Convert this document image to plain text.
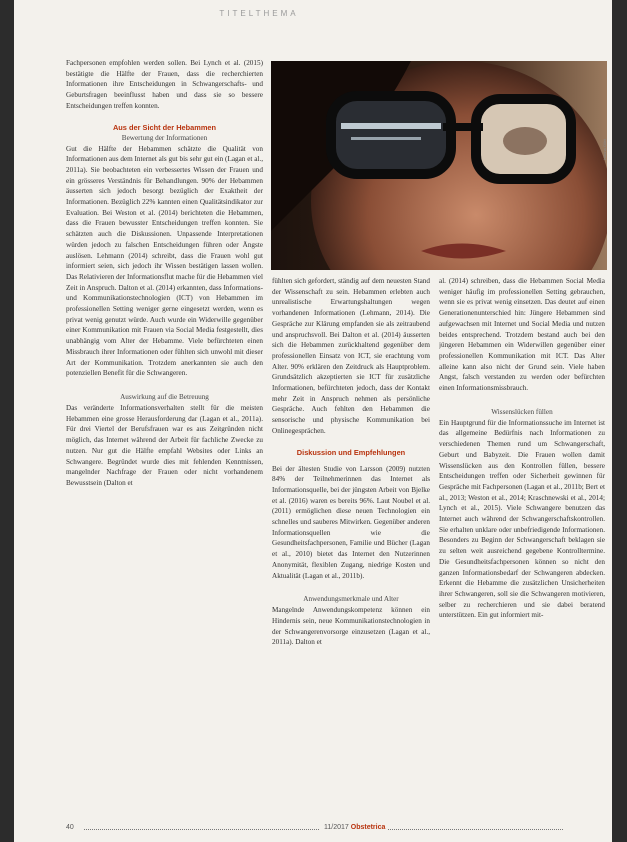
TITELTHEMA
Hanna Ollet

Fachpersonen empfohlen werden sollen. Bei Lynch et al. (2015) bestätigte die Hälfte der Frauen, dass die recherchierten Informationen ihre Entscheidungen in Schwangerschafts- und Geburtsfragen beeinflusst haben und dass sie so bessere Entscheidungen treffen konnten.

Aus der Sicht der Hebammen

Bewertung der Informationen

Gut die Hälfte der Hebammen schätzte die Qualität von Informationen aus dem Internet als gut bis sehr gut ein (Lagan et al., 2011a). Sie beobachteten ein verbessertes Wissen der Frauen und ein grösseres Verständnis für Behandlungen. 90% der Hebammen äusserten sich jedoch besorgt bezüglich der Exaktheit der Informationen. Bezüglich 22% kannten einen Qualitätsindikator zur Evaluation. Bei Weston et al. (2014) berichteten die Hebammen, dass die Frauen bewusster Entscheidungen treffen konnten. Sie schätzten auch die Diskussionen. Unpassende Interpretationen würden jedoch zu falschen Entscheidungen führen oder Ängste auslösen. Lehmann (2014) schreibt, dass die Frauen wohl gut informiert seien, sich jedoch ihr Wissen bestätigen lassen wollen. Das Relativieren der Informationsflut mache für die Hebammen viel Zeit in Anspruch. Dalton et al. (2014) erkannten, dass Informations- und Kommunikationstechnologien (ICT) von Hebammen im professionellen Setting weniger gerne eingesetzt werden, wenn es privat wenig genutzt würde. Auch wurde ein Widerwille gegenüber einer Kommunikation mit Frauen via Social Media festgestellt, dies unabhängig vom Alter der Hebamme. Viele befürchteten einen Missbrauch ihrer Informationen oder fühlten sich unwohl mit dieser Art der Kommunikation. Trotzdem anerkannten sie auch den potenziellen Benefit für die Schwangeren.

Auswirkung auf die Betreuung

Das veränderte Informationsverhalten stellt für die meisten Hebammen eine grosse Herausforderung dar (Lagan et al., 2011a). Für drei Viertel der Berufsfrauen war es aus Zeitgründen nicht möglich, das Internet während der Arbeit für fachliche Zwecke zu nutzen. Nur gut die Hälfte empfahl Websites oder Links an Schwangere. Begründet wurde dies mit fehlenden Kenntnissen, mangelnder Nachfrage der Frauen oder nicht vorhandenem Bewusstsein (Dalton et

fühlten sich gefordert, ständig auf dem neuesten Stand der Wissenschaft zu sein. Hebammen erlebten auch unrealistische Erwartungshaltungen wegen vorhandenen Informationen (Lehmann, 2014). Die Gespräche zur Klärung empfanden sie als zeitraubend und anspruchsvoll. Bei Dalton et al. (2014) äusserten sich die Hebammen zurückhaltend gegenüber dem professionellen Einsatz von ICT, sie erachtung vom Alter. 90% erklären den Zeitdruck als Hauptproblem. Grundsätzlich akzeptierten sie ICT für zusätzliche Informationen, befürchteten jedoch, dass der Kontakt mehr Zeit in Anspruch nehmen als persönliche Gespräche. Auch fehlten den Hebammen die sensorische und physische Kommunikation bei Onlinegesprächen.

Diskussion und Empfehlungen

Bei der ältesten Studie von Larsson (2009) nutzten 84% der Teilnehmerinnen das Internet als Informationsquelle, bei der jüngsten Arbeit von Bjelke et al. (2016) waren es bereits 96%. Laut Noubel et al. (2011) ermöglichen diese neuen Technologien ein schnelles und sauberes Mitwirken. Gegenüber anderen Informationsquellen wie die Gesundheitsfachpersonen, Familie und Bücher (Lagan et al., 2010) bietet das Internet den Nutzerinnen Anonymität, flexiblen Zugang, niedrige Kosten und Aktualität (Lagan et al., 2011b).

Anwendungsmerkmale und Alter

Mangelnde Anwendungskompetenz können ein Hindernis sein, neue Kommunikationstechnologien in der Schwangerenvorsorge einzusetzen (Lagan et al., 2011a). Dalton et

al. (2014) schreiben, dass die Hebammen Social Media weniger häufig im professionellen Setting gebrauchen, wenn sie es privat wenig einsetzen. Das deutet auf einen Generationenunterschied hin: Jüngere Hebammen sind aufgewachsen mit Internet und Social Media und nutzen beides entsprechend. Trotzdem bestand auch bei den jüngeren Hebammen ein Widerwillen gegenüber einer professionellen Kommunikation mit ICT. Das Alter alleine kann also nicht der Grund sein. Viele haben Angst, falsch verstanden zu werden oder befürchten einen Informationsmissbrauch.

Wissenslücken füllen

Ein Hauptgrund für die Informationssuche im Internet ist das allgemeine Bedürfnis nach Informationen zu verschiedenen Themen rund um Schwangerschaft, Geburt und Babyzeit. Die Frauen wollen damit Wissenslücken aus den Kontrollen füllen, bessere Entscheidungen treffen oder Sicherheit gewinnen für Gespräche mit Fachpersonen (Lagan et al., 2011b; Bert et al., 2013; Weston et al., 2014; Kraschnewski et al., 2014; Lynch et al., 2015). Viele Schwangere benutzen das Internet auch während der Schwangerschaftskontrollen. Sie erhalten unklare oder unbefriedigende Informationen. Besonders zu Beginn der Schwangerschaft beklagen sie zu selten weit ausreichend gegebene Kontrolltermine. Die Gesundheitsfachpersonen können so nicht den ganzen Informationsbedarf der Schwangeren abdecken. Erkennt die Hebamme die zusätzlichen Unsicherheiten ihrer Schwangeren, soll sie die Schwangeren motivieren, selber zu recherchieren und sie dabei beratend unterstützen. Ein gut informiert mit-

40	11/2017 Obstetrica
